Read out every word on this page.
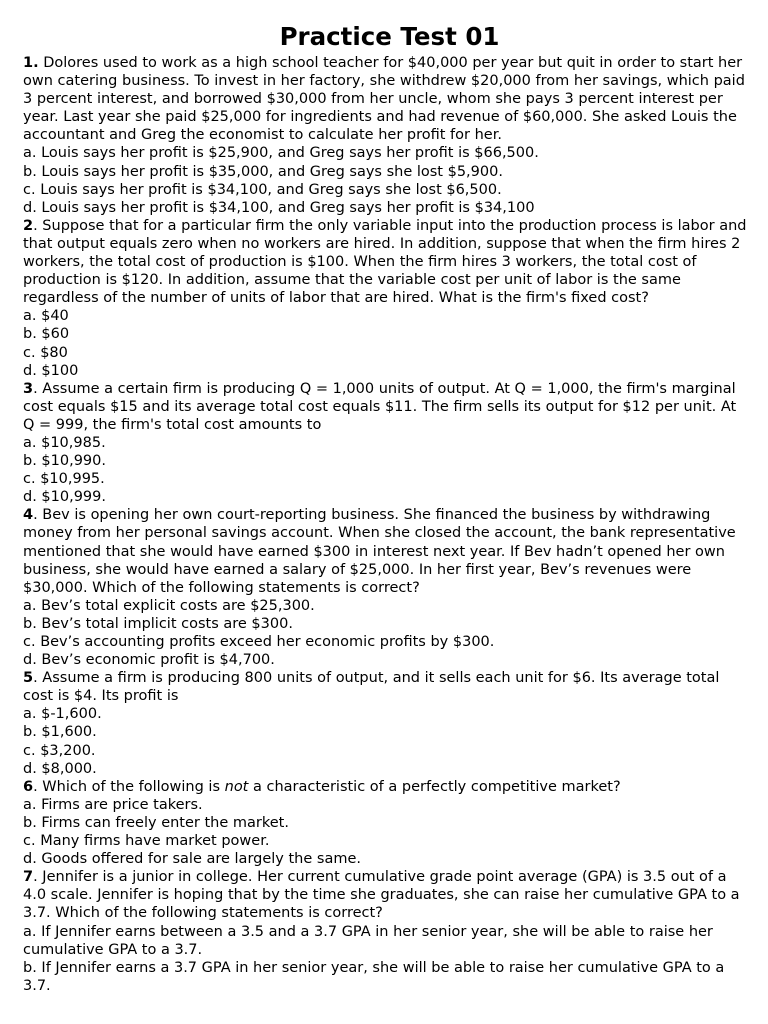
Practice Test 01
1. Dolores used to work as a high school teacher for $40,000 per year but quit in order to start her own catering business. To invest in her factory, she withdrew $20,000 from her savings, which paid 3 percent interest, and borrowed $30,000 from her uncle, whom she pays 3 percent interest per year. Last year she paid $25,000 for ingredients and had revenue of $60,000. She asked Louis the accountant and Greg the economist to calculate her profit for her.
a. Louis says her profit is $25,900, and Greg says her profit is $66,500.
b. Louis says her profit is $35,000, and Greg says she lost $5,900.
c. Louis says her profit is $34,100, and Greg says she lost $6,500.
d. Louis says her profit is $34,100, and Greg says her profit is $34,100
2. Suppose that for a particular firm the only variable input into the production process is labor and that output equals zero when no workers are hired. In addition, suppose that when the firm hires 2 workers, the total cost of production is $100. When the firm hires 3 workers, the total cost of production is $120. In addition, assume that the variable cost per unit of labor is the same regardless of the number of units of labor that are hired. What is the firm's fixed cost?
a. $40
b. $60
c. $80
d. $100
3. Assume a certain firm is producing Q = 1,000 units of output. At Q = 1,000, the firm's marginal cost equals $15 and its average total cost equals $11. The firm sells its output for $12 per unit. At Q = 999, the firm's total cost amounts to
a. $10,985.
b. $10,990.
c. $10,995.
d. $10,999.
4. Bev is opening her own court-reporting business. She financed the business by withdrawing money from her personal savings account. When she closed the account, the bank representative mentioned that she would have earned $300 in interest next year. If Bev hadn’t opened her own business, she would have earned a salary of $25,000. In her first year, Bev’s revenues were $30,000. Which of the following statements is correct?
a. Bev’s total explicit costs are $25,300.
b. Bev’s total implicit costs are $300.
c. Bev’s accounting profits exceed her economic profits by $300.
d. Bev’s economic profit is $4,700.
5. Assume a firm is producing 800 units of output, and it sells each unit for $6. Its average total cost is $4. Its profit is
a. $-1,600.
b. $1,600.
c. $3,200.
d. $8,000.
6. Which of the following is not a characteristic of a perfectly competitive market?
a. Firms are price takers.
b. Firms can freely enter the market.
c. Many firms have market power.
d. Goods offered for sale are largely the same.
7. Jennifer is a junior in college. Her current cumulative grade point average (GPA) is 3.5 out of a 4.0 scale. Jennifer is hoping that by the time she graduates, she can raise her cumulative GPA to a 3.7. Which of the following statements is correct?
a. If Jennifer earns between a 3.5 and a 3.7 GPA in her senior year, she will be able to raise her cumulative GPA to a 3.7.
b. If Jennifer earns a 3.7 GPA in her senior year, she will be able to raise her cumulative GPA to a 3.7.
